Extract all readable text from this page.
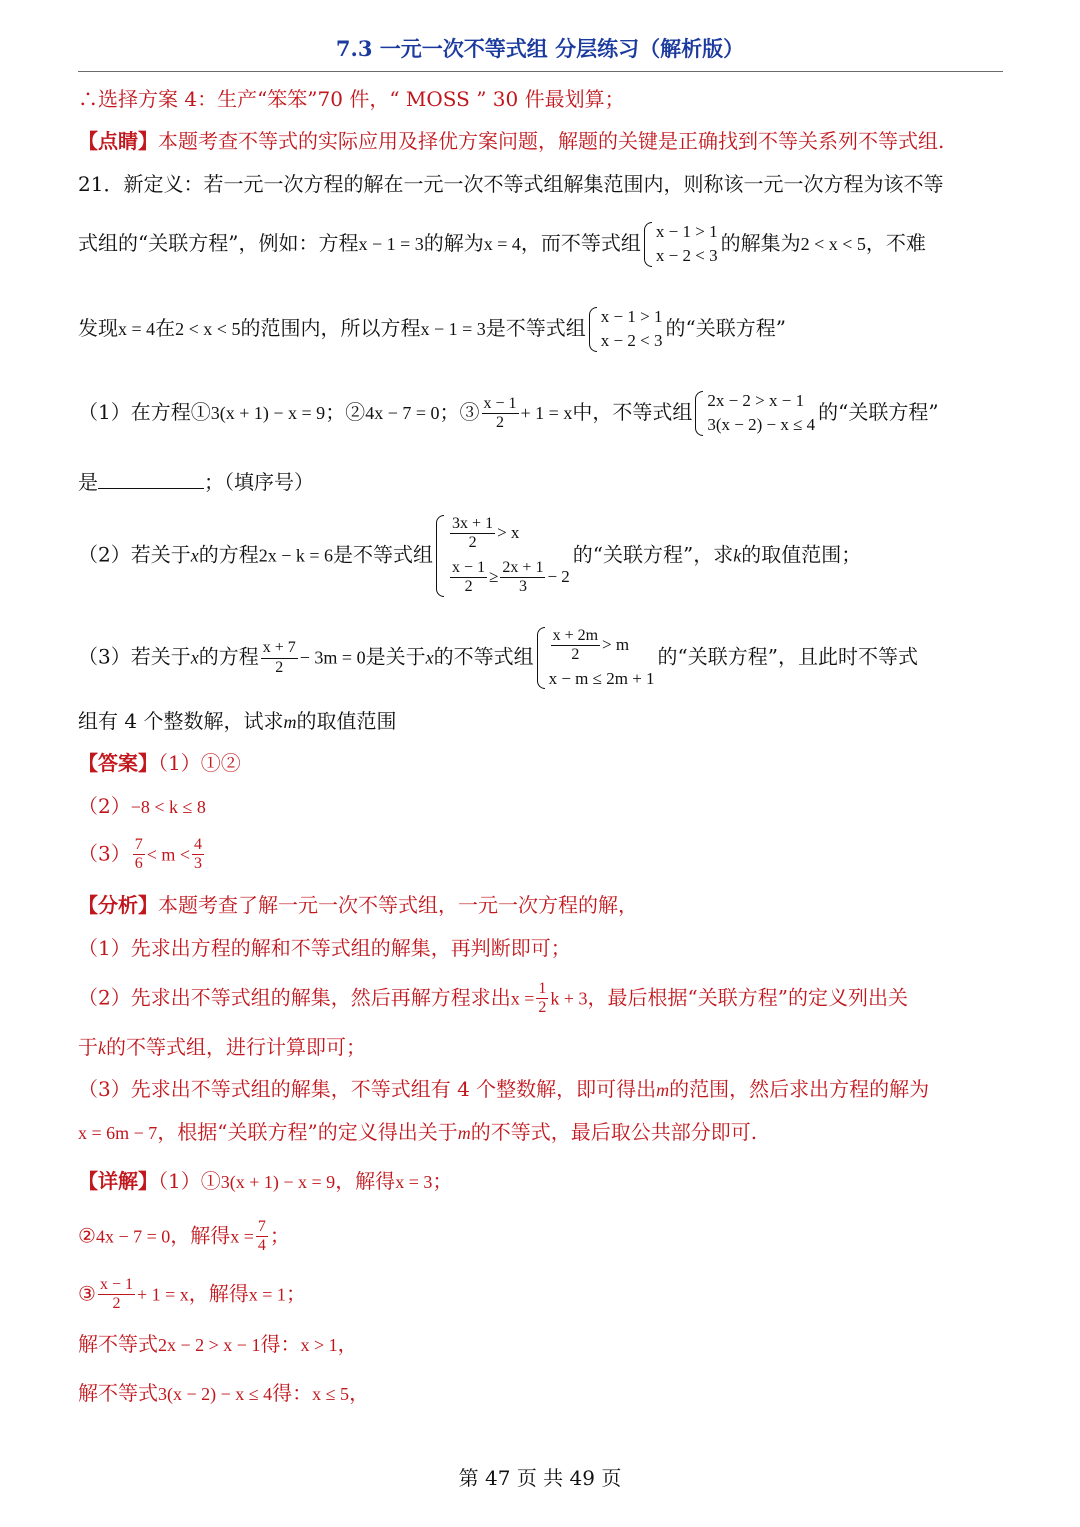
7.3 一元一次不等式组 分层练习（解析版）
∴选择方案 4：生产“笨笨”70 件，“ MOSS ” 30 件最划算；
【点睛】本题考查不等式的实际应用及择优方案问题，解题的关键是正确找到不等关系列不等式组.
21．新定义：若一元一次方程的解在一元一次不等式组解集范围内，则称该一元一次方程为该不等
式组的“关联方程”，例如：方程x − 1 = 3的解为x = 4，而不等式组 x − 1 > 1
x − 2 < 3
的解集为2 < x < 5，不难
发现x = 4在2 < x < 5的范围内，所以方程x − 1 = 3是不等式组 x − 1 > 1
x − 2 < 3
的“关联方程”
（1）在方程①3(x + 1) − x = 9；②4x − 7 = 0；③ $\frac{x - 1}{2} + 1 = x$中，不等式组 2x − 2 > x − 1
3(x − 2) − x ≤ 4
的“关联方程”
是	；（填序号）
（2）若关于x的方程2x − k = 6是不等式组
$\frac{3x + 1}{2} > x$
$\frac{x - 1}{2} \ge \frac{2x + 1}{3} - 2$
的“关联方程”，求k的取值范围；
（3）若关于x的方程 $\frac{x + 7}{2} - 3m = 0$是关于x的不等式组 $\frac{x + 2m}{2} > m$
x − m ≤ 2m + 1
的“关联方程”，且此时不等式
组有 4 个整数解，试求m的取值范围
【答案】（1）①②
（2）−8 < k ≤ 8
$(3) \frac{7}{6} < m < \frac{4}{3}$
【分析】本题考查了解一元一次不等式组，一元一次方程的解，
（1）先求出方程的解和不等式组的解集，再判断即可；
（2）先求出不等式组的解集，然后再解方程求出$x = \frac{1}{2}$ k + 3，最后根据“关联方程”的定义列出关
于k的不等式组，进行计算即可；
（3）先求出不等式组的解集，不等式组有 4 个整数解，即可得出m的范围，然后求出方程的解为
x = 6m − 7，根据“关联方程”的定义得出关于m的不等式，最后取公共部分即可.
【详解】（1）①3(x + 1) − x = 9，解得x = 3；
②4x − 7 = 0，解得$x = \frac{7}{4}$ ；
③ $\frac{x - 1}{2} + 1 = x$，解得x = 1；
解不等式2x − 2 > x − 1得：x > 1，
解不等式3(x − 2) − x ≤ 4得：x ≤ 5，
第 47 页 共 49 页
